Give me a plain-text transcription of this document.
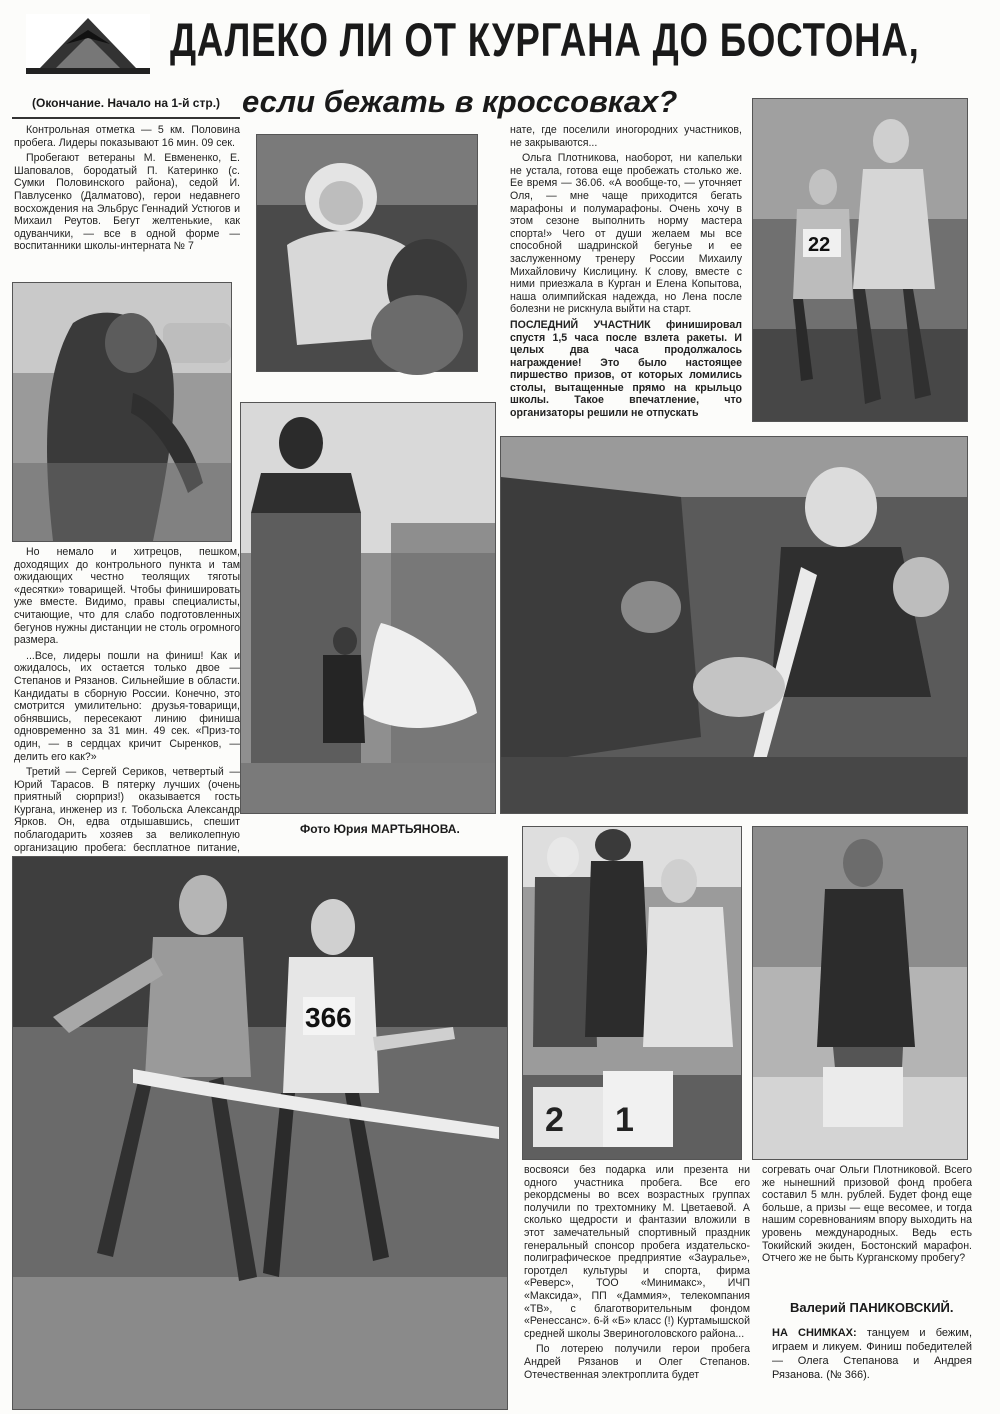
ДАЛЕКО ЛИ ОТ КУРГАНА ДО БОСТОНА,
если бежать в кроссовках?
(Окончание. Начало на 1-й стр.)

Контрольная отметка — 5 км. Половина пробега. Лидеры показывают 16 мин. 09 сек.

Пробегают ветераны М. Евмененко, Е. Шаповалов, бородатый П. Катеринко (с. Сумки Половинского района), седой И. Павлусенко (Далматово), герои недавнего восхождения на Эльбрус Геннадий Устюгов и Михаил Реутов. Бегут желтенькие, как одуванчики, — все в одной форме — воспитанники школы-интерната № 7

Но немало и хитрецов, пешком, доходящих до контрольного пункта и там ожидающих честно теолящих тяготы «десятки» товарищей. Чтобы финишировать уже вместе. Видимо, правы специалисты, считающие, что для слабо подготовленных бегунов нужны дистанции не столь огромного размера.

...Все, лидеры пошли на финиш! Как и ожидалось, их остается только двое — Степанов и Рязанов. Сильнейшие в области. Кандидаты в сборную России. Конечно, это смотрится умилительно: друзья-товарищи, обнявшись, пересекают линию финиша одновременно за 31 мин. 49 сек. «Приз-то один, — в сердцах кричит Сыренков, — делить его как?»

Третий — Сергей Сериков, четвертый — Юрий Тарасов. В пятерку лучших (очень приятный сюрприз!) оказывается гость Кургана, инженер из г. Тобольска Александр Ярков. Он, едва отдышавшись, спешит поблагодарить хозяев за великолепную организацию пробега: бесплатное питание,

нате, где поселили иногородних участников, не закрываются...

Ольга Плотникова, наоборот, ни капельки не устала, готова еще пробежать столько же. Ее время — 36.06. «А вообще-то, — уточняет Оля, — мне чаще приходится бегать марафоны и полумарафоны. Очень хочу в этом сезоне выполнить норму мастера спорта!» Чего от души желаем мы все способной шадринской бегунье и ее заслуженному тренеру России Михаилу Михайловичу Кислицину. К слову, вместе с ними приезжала в Курган и Елена Копытова, наша олимпийская надежда, но Лена после болезни не рискнула выйти на старт.

ПОСЛЕДНИЙ УЧАСТНИК финишировал спустя 1,5 часа после взлета ракеты. И целых два часа продолжалось награждение! Это было настоящее пиршество призов, от которых ломились столы, вытащенные прямо на крыльцо школы. Такое впечатление, что организаторы решили не отпускать

22
Фото Юрия МАРТЬЯНОВА.
366
2 1

восвояси без подарка или презента ни одного участника пробега. Все его рекордсмены во всех возрастных группах получили по трехтомнику М. Цветаевой. А сколько щедрости и фантазии вложили в этот замечательный спортивный праздник генеральный спонсор пробега издательско-полиграфическое предприятие «Зауралье», горотдел культуры и спорта, фирма «Реверс», ТОО «Минимакс», ИЧП «Максида», ПП «Даммия», телекомпания «ТВ», с благотворительным фондом «Ренессанс». 6-й «Б» класс (!) Куртамышской средней школы Звериноголовского района...

По лотерею получили герои пробега Андрей Рязанов и Олег Степанов. Отечественная электроплита будет

согревать очаг Ольги Плотниковой. Всего же нынешний призовой фонд пробега составил 5 млн. рублей. Будет фонд еще больше, а призы — еще весомее, и тогда нашим соревнованиям впору выходить на уровень международных. Ведь есть Токийский экиден, Бостонский марафон. Отчего же не быть Курганскому пробегу?

Валерий ПАНИКОВСКИЙ.
НА СНИМКАХ: танцуем и бежим, играем и ликуем. Финиш победителей — Олега Степанова и Андрея Рязанова. (№ 366).
